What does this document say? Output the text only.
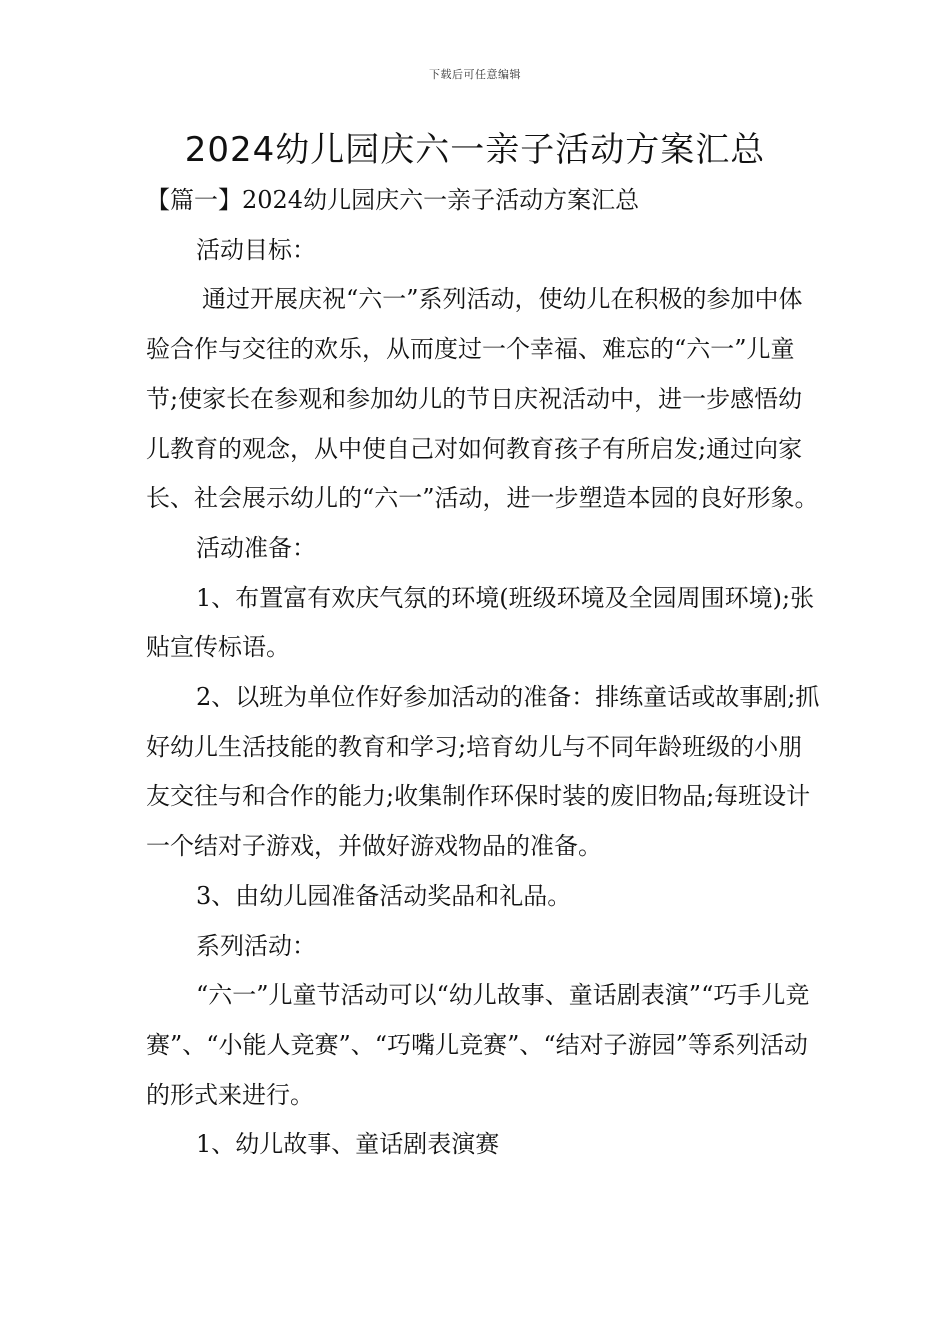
下载后可任意编辑
2024幼儿园庆六一亲子活动方案汇总

【篇一】2024幼儿园庆六一亲子活动方案汇总

活动目标：

通过开展庆祝“六一”系列活动，使幼儿在积极的参加中体验合作与交往的欢乐，从而度过一个幸福、难忘的“六一”儿童节;使家长在参观和参加幼儿的节日庆祝活动中，进一步感悟幼儿教育的观念，从中使自己对如何教育孩子有所启发;通过向家长、社会展示幼儿的“六一”活动，进一步塑造本园的良好形象。

活动准备：

1、布置富有欢庆气氛的环境(班级环境及全园周围环境);张贴宣传标语。

2、以班为单位作好参加活动的准备：排练童话或故事剧;抓好幼儿生活技能的教育和学习;培育幼儿与不同年龄班级的小朋友交往与和合作的能力;收集制作环保时装的废旧物品;每班设计一个结对子游戏，并做好游戏物品的准备。

3、由幼儿园准备活动奖品和礼品。

系列活动：

“六一”儿童节活动可以“幼儿故事、童话剧表演”“巧手儿竞赛”、“小能人竞赛”、“巧嘴儿竞赛”、“结对子游园”等系列活动的形式来进行。

1、幼儿故事、童话剧表演赛
